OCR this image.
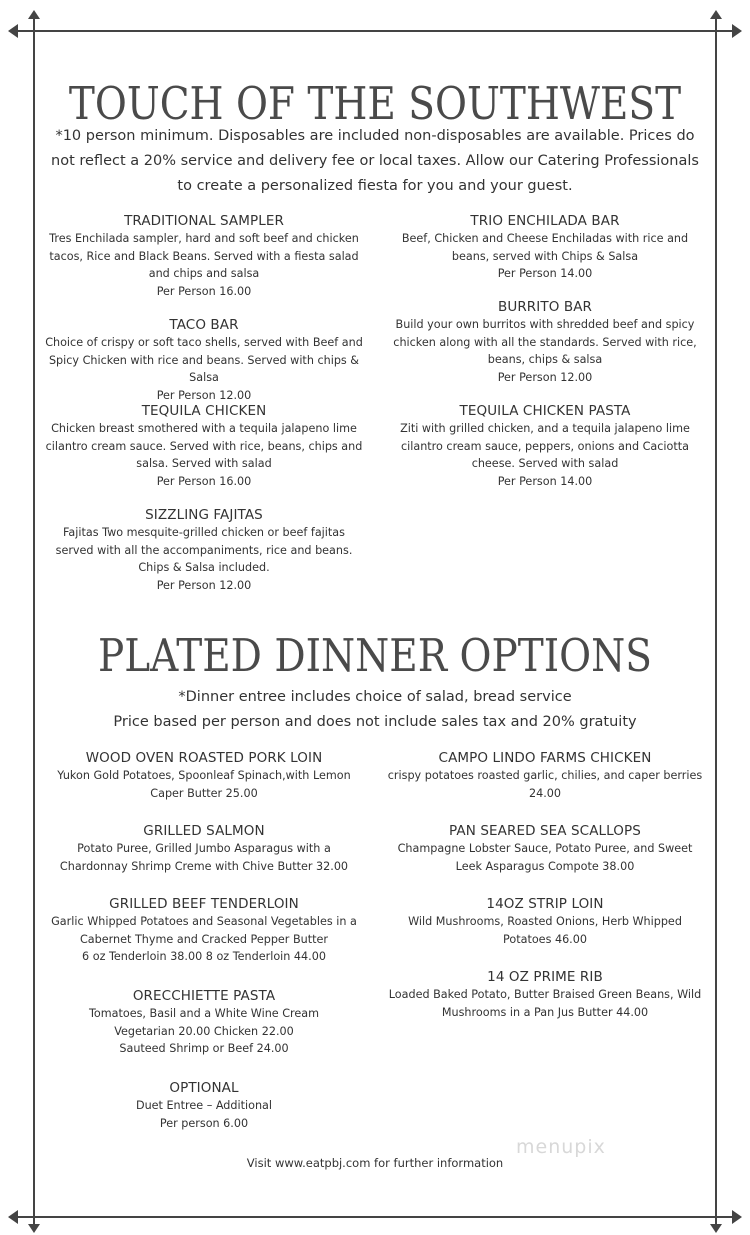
TOUCH OF THE SOUTHWEST
*10 person minimum. Disposables are included non-disposables are available. Prices do not reflect a 20% service and delivery fee or local taxes. Allow our Catering Professionals to create a personalized fiesta for you and your guest.
TRADITIONAL SAMPLER
Tres Enchilada sampler, hard and soft beef and chicken tacos, Rice and Black Beans. Served with a fiesta salad and chips and salsa
Per Person 16.00
TACO BAR
Choice of crispy or soft taco shells, served with Beef and Spicy Chicken with rice and beans. Served with chips & Salsa
Per Person 12.00
TEQUILA CHICKEN
Chicken breast smothered with a tequila jalapeno lime cilantro cream sauce. Served with rice, beans, chips and salsa. Served with salad
Per Person 16.00
SIZZLING FAJITAS
Fajitas Two mesquite-grilled chicken or beef fajitas served with all the accompaniments, rice and beans. Chips & Salsa included.
Per Person 12.00
TRIO ENCHILADA BAR
Beef, Chicken and Cheese Enchiladas with rice and beans, served with Chips & Salsa
Per Person 14.00
BURRITO BAR
Build your own burritos with shredded beef and spicy chicken along with all the standards. Served with rice, beans, chips & salsa
Per Person 12.00
TEQUILA CHICKEN PASTA
Ziti with grilled chicken, and a tequila jalapeno lime cilantro cream sauce, peppers, onions and Caciotta cheese. Served with salad
Per Person 14.00
PLATED DINNER OPTIONS
*Dinner entree includes choice of salad, bread service
Price based per person and does not include sales tax and 20% gratuity
WOOD OVEN ROASTED PORK LOIN
Yukon Gold Potatoes, Spoonleaf Spinach,with Lemon Caper Butter 25.00
GRILLED SALMON
Potato Puree, Grilled Jumbo Asparagus with a Chardonnay Shrimp Creme with Chive Butter 32.00
GRILLED BEEF TENDERLOIN
Garlic Whipped Potatoes and Seasonal Vegetables in a Cabernet Thyme and Cracked Pepper Butter
6 oz Tenderloin 38.00 8 oz Tenderloin 44.00
ORECCHIETTE PASTA
Tomatoes, Basil and a White Wine Cream
Vegetarian 20.00 Chicken 22.00
Sauteed Shrimp or Beef 24.00
OPTIONAL
Duet Entree – Additional
Per person 6.00
CAMPO LINDO FARMS CHICKEN
crispy potatoes roasted garlic, chilies, and caper berries 24.00
PAN SEARED SEA SCALLOPS
Champagne Lobster Sauce, Potato Puree, and Sweet Leek Asparagus Compote 38.00
14OZ STRIP LOIN
Wild Mushrooms, Roasted Onions, Herb Whipped Potatoes 46.00
14 OZ PRIME RIB
Loaded Baked Potato, Butter Braised Green Beans, Wild Mushrooms in a Pan Jus Butter 44.00
Visit www.eatpbj.com for further information
menupix
